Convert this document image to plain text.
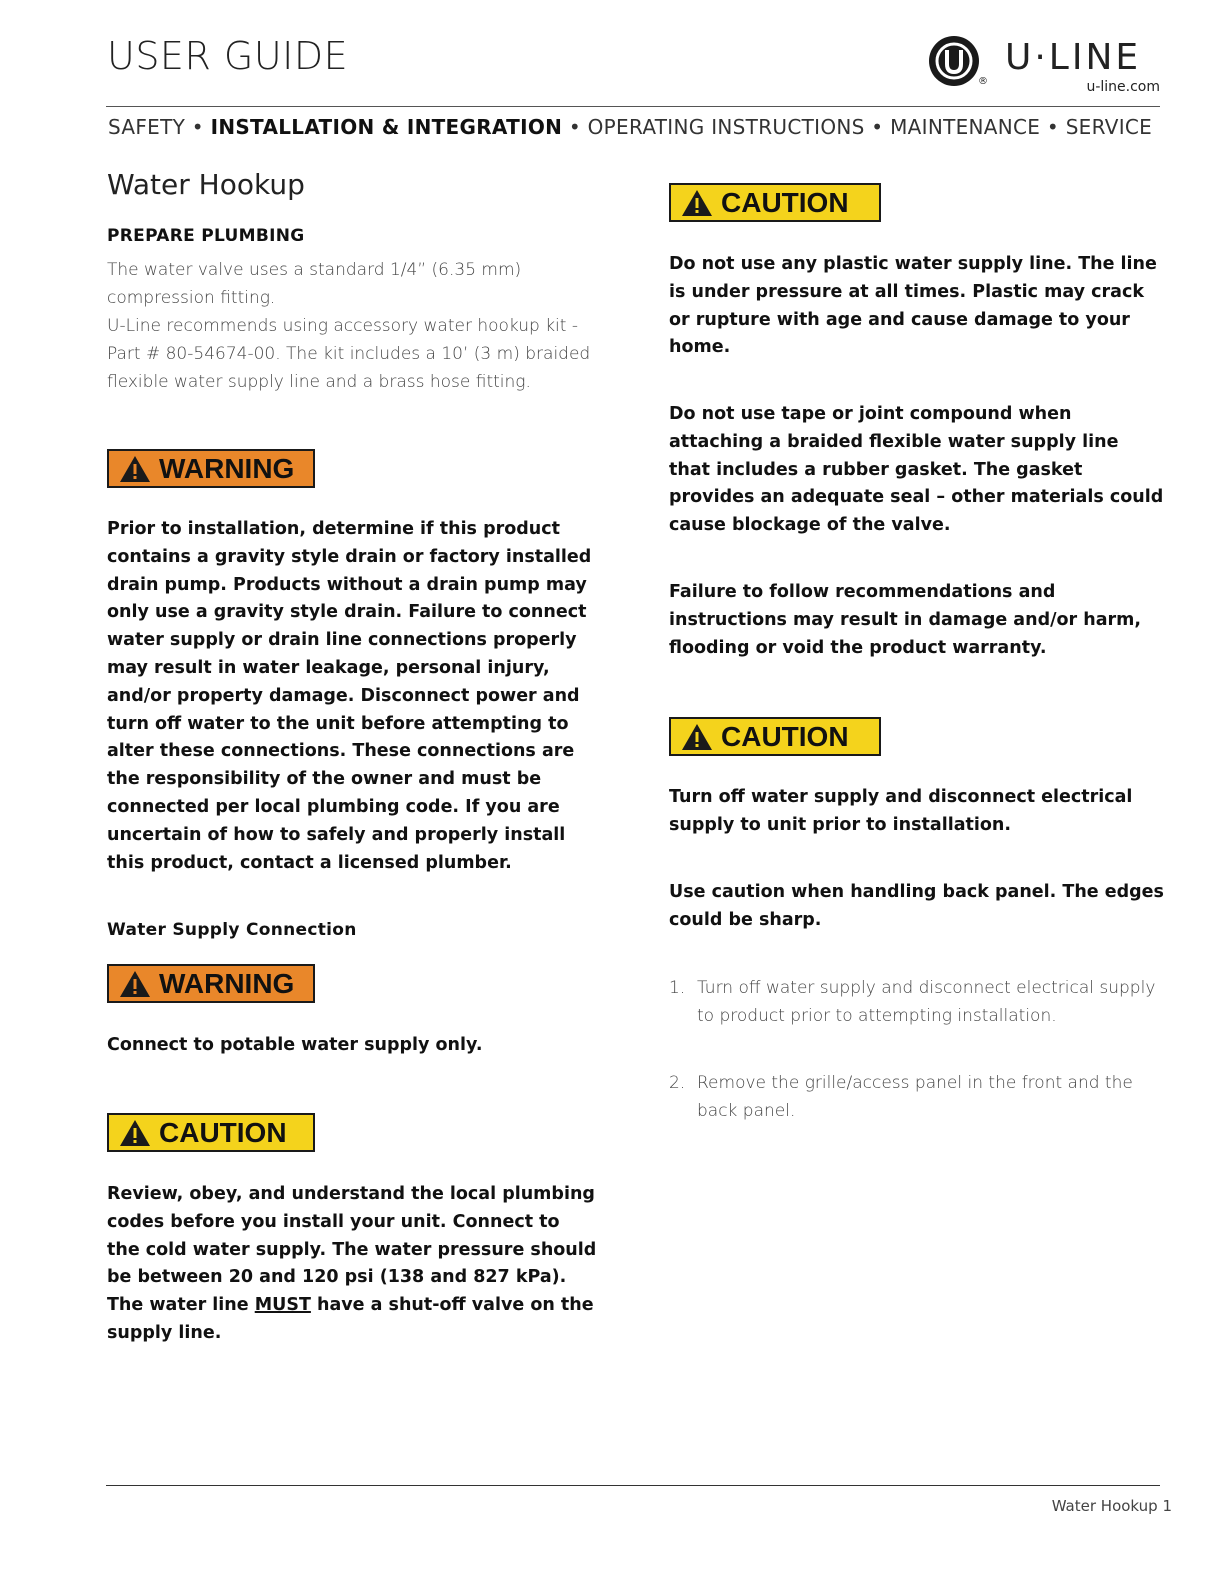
USER GUIDE
®
U·LINE
u-line.com
SAFETY • INSTALLATION & INTEGRATION • OPERATING INSTRUCTIONS • MAINTENANCE • SERVICE
Water Hookup
PREPARE PLUMBING
The water valve uses a standard 1/4” (6.35 mm) compression fitting.
U-Line recommends using accessory water hookup kit - Part # 80-54674-00. The kit includes a 10’ (3 m) braided flexible water supply line and a brass hose fitting.
WARNING
Prior to installation, determine if this product contains a gravity style drain or factory installed drain pump. Products without a drain pump may only use a gravity style drain. Failure to connect water supply or drain line connections properly may result in water leakage, personal injury, and/or property damage. Disconnect power and turn off water to the unit before attempting to alter these connections. These connections are the responsibility of the owner and must be connected per local plumbing code. If you are uncertain of how to safely and properly install this product, contact a licensed plumber.
Water Supply Connection
WARNING
Connect to potable water supply only.
CAUTION
Review, obey, and understand the local plumbing codes before you install your unit. Connect to the cold water supply. The water pressure should be between 20 and 120 psi (138 and 827 kPa). The water line MUST have a shut-off valve on the supply line.
CAUTION
Do not use any plastic water supply line. The line is under pressure at all times. Plastic may crack or rupture with age and cause damage to your home.
Do not use tape or joint compound when attaching a braided flexible water supply line that includes a rubber gasket. The gasket provides an adequate seal – other materials could cause blockage of the valve.
Failure to follow recommendations and instructions may result in damage and/or harm, flooding or void the product warranty.
CAUTION
Turn off water supply and disconnect electrical supply to unit prior to installation.
Use caution when handling back panel. The edges could be sharp.
1. Turn off water supply and disconnect electrical supply to product prior to attempting installation.
2. Remove the grille/access panel in the front and the back panel.
Water Hookup 1
